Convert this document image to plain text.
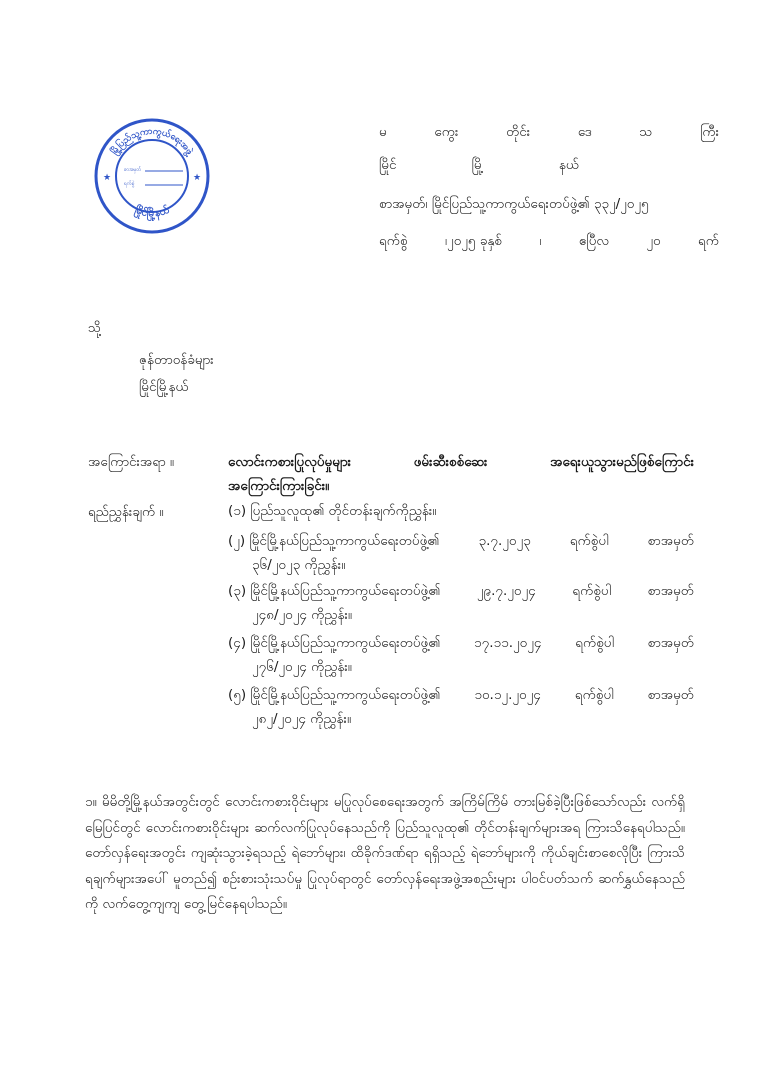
မြို့ပြည်သူ့ကာကွယ်ရေးအဖွဲ့
မြိုင်မြို့နယ်
စာအမှတ်
ရက်စွဲ
★	★
မ	ကွေး	တိုင်း	ဒေ	သ	ကြီး
မြိုင်	မြို့	နယ်
စာအမှတ်၊ မြိုင်ပြည်သူ့ကာကွယ်ရေးတပ်ဖွဲ့၏ ၃၃၂/၂၀၂၅
ရက်စွဲ	၊၂၀၂၅ ခုနှစ်	၊	ဧပြီလ	၂၀	ရက်
သို့
ဇုန်တာဝန်ခံများ
မြိုင်မြို့နယ်
အကြောင်းအရာ ။	လောင်းကစားပြုလုပ်မှုများ	ဖမ်းဆီးစစ်ဆေး	အရေးယူသွားမည်ဖြစ်ကြောင်း
အကြောင်းကြားခြင်း။
ရည်ညွှန်းချက် ။	(၁) ပြည်သူလူထု၏ တိုင်တန်းချက်ကိုညွှန်း။
(၂) မြိုင်မြို့နယ်ပြည်သူ့ကာကွယ်ရေးတပ်ဖွဲ့၏	၃.၇.၂၀၂၃	ရက်စွဲပါ	စာအမှတ်
၃၆/၂၀၂၃ ကိုညွှန်း။
(၃) မြိုင်မြို့နယ်ပြည်သူ့ကာကွယ်ရေးတပ်ဖွဲ့၏	၂၉.၇.၂၀၂၄	ရက်စွဲပါ	စာအမှတ်
၂၄၈/၂၀၂၄ ကိုညွှန်း။
(၄) မြိုင်မြို့နယ်ပြည်သူ့ကာကွယ်ရေးတပ်ဖွဲ့၏	၁၇.၁၁.၂၀၂၄	ရက်စွဲပါ	စာအမှတ်
၂၇၆/၂၀၂၄ ကိုညွှန်း။
(၅) မြိုင်မြို့နယ်ပြည်သူ့ကာကွယ်ရေးတပ်ဖွဲ့၏	၁၀.၁၂.၂၀၂၄	ရက်စွဲပါ	စာအမှတ်
၂၈၂/၂၀၂၄ ကိုညွှန်း။
၁။ မိမိတို့မြို့နယ်အတွင်းတွင် လောင်းကစားဝိုင်းများ မပြုလုပ်စေရေးအတွက် အကြိမ်ကြိမ် တားမြစ်ခဲ့ပြီးဖြစ်သော်လည်း လက်ရှိမြေပြင်တွင် လောင်းကစားဝိုင်းများ ဆက်လက်ပြုလုပ်နေသည်ကို ပြည်သူလူထု၏ တိုင်တန်းချက်များအရ ကြားသိနေရပါသည်။ တော်လှန်ရေးအတွင်း ကျဆုံးသွားခဲ့ရသည့် ရဲဘော်များ၊ ထိခိုက်ဒဏ်ရာ ရရှိသည့် ရဲဘော်များကို ကိုယ်ချင်းစာစေလိုပြီး ကြားသိရချက်များအပေါ် မူတည်၍ စဉ်းစားသုံးသပ်မှု ပြုလုပ်ရာတွင် တော်လှန်ရေးအဖွဲ့အစည်းများ ပါဝင်ပတ်သက် ဆက်နွှယ်နေသည်ကို လက်တွေ့ကျကျ တွေ့မြင်နေရပါသည်။
